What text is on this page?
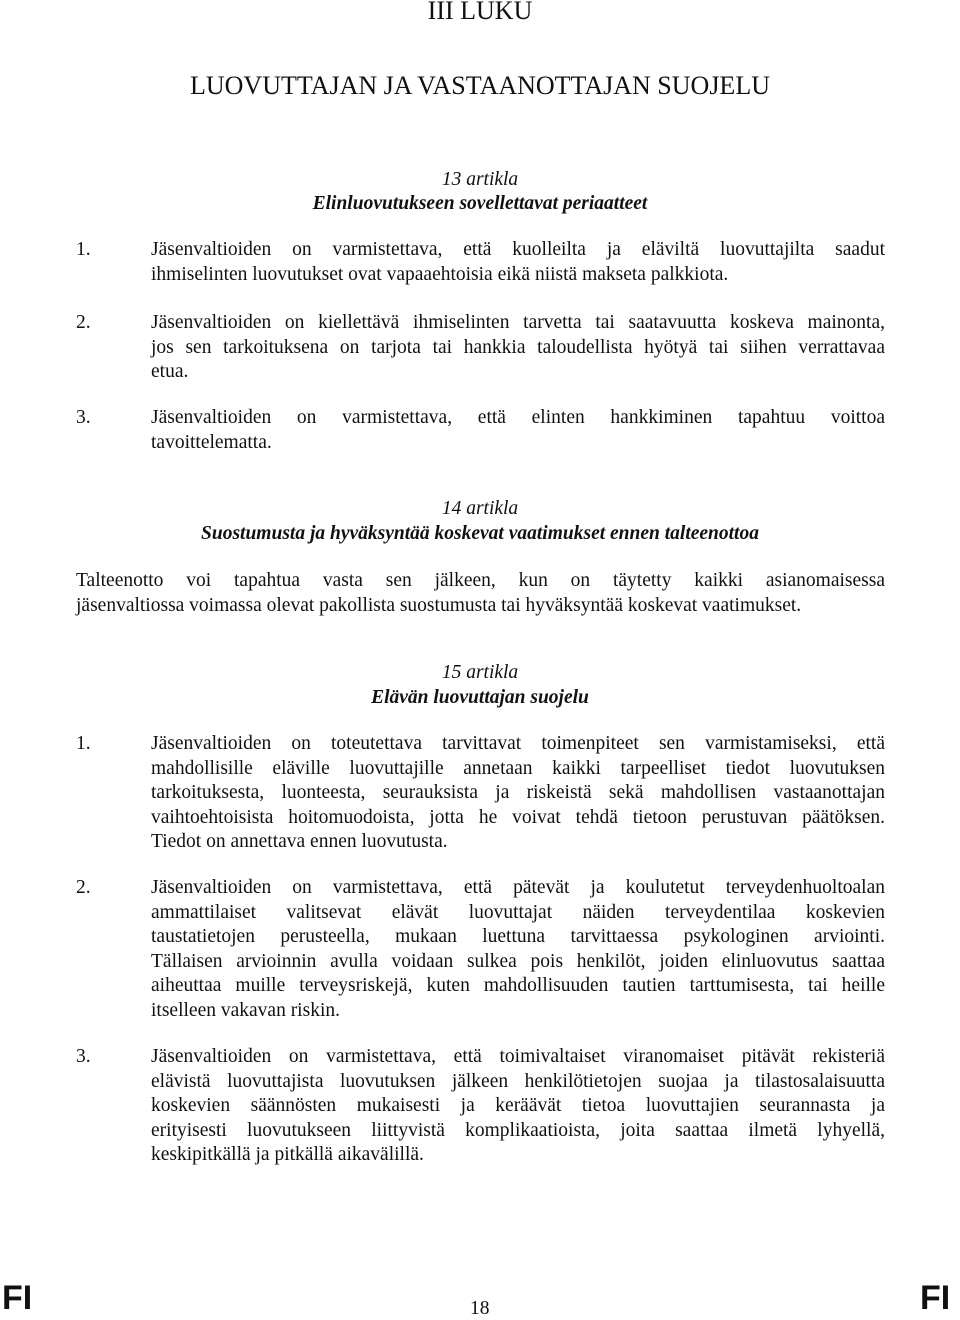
III LUKU
LUOVUTTAJAN JA VASTAANOTTAJAN SUOJELU
13 artikla
Elinluovutukseen sovellettavat periaatteet
1.	Jäsenvaltioiden on varmistettava, että kuolleilta ja eläviltä luovuttajilta saadut
ihmiselinten luovutukset ovat vapaaehtoisia eikä niistä makseta palkkiota.
2.	Jäsenvaltioiden on kiellettävä ihmiselinten tarvetta tai saatavuutta koskeva mainonta,
jos sen tarkoituksena on tarjota tai hankkia taloudellista hyötyä tai siihen verrattavaa
etua.
3.	Jäsenvaltioiden on varmistettava, että elinten hankkiminen tapahtuu voittoa
tavoittelematta.
14 artikla
Suostumusta ja hyväksyntää koskevat vaatimukset ennen talteenottoa
Talteenotto voi tapahtua vasta sen jälkeen, kun on täytetty kaikki asianomaisessa
jäsenvaltiossa voimassa olevat pakollista suostumusta tai hyväksyntää koskevat vaatimukset.
15 artikla
Elävän luovuttajan suojelu
1.	Jäsenvaltioiden on toteutettava tarvittavat toimenpiteet sen varmistamiseksi, että
mahdollisille eläville luovuttajille annetaan kaikki tarpeelliset tiedot luovutuksen
tarkoituksesta, luonteesta, seurauksista ja riskeistä sekä mahdollisen vastaanottajan
vaihtoehtoisista hoitomuodoista, jotta he voivat tehdä tietoon perustuvan päätöksen.
Tiedot on annettava ennen luovutusta.
2.	Jäsenvaltioiden on varmistettava, että pätevät ja koulutetut terveydenhuoltoalan
ammattilaiset valitsevat elävät luovuttajat näiden terveydentilaa koskevien
taustatietojen perusteella, mukaan luettuna tarvittaessa psykologinen arviointi.
Tällaisen arvioinnin avulla voidaan sulkea pois henkilöt, joiden elinluovutus saattaa
aiheuttaa muille terveysriskejä, kuten mahdollisuuden tautien tarttumisesta, tai heille
itselleen vakavan riskin.
3.	Jäsenvaltioiden on varmistettava, että toimivaltaiset viranomaiset pitävät rekisteriä
elävistä luovuttajista luovutuksen jälkeen henkilötietojen suojaa ja tilastosalaisuutta
koskevien säännösten mukaisesti ja keräävät tietoa luovuttajien seurannasta ja
erityisesti luovutukseen liittyvistä komplikaatioista, joita saattaa ilmetä lyhyellä,
keskipitkällä ja pitkällä aikavälillä.
FI	18	FI
